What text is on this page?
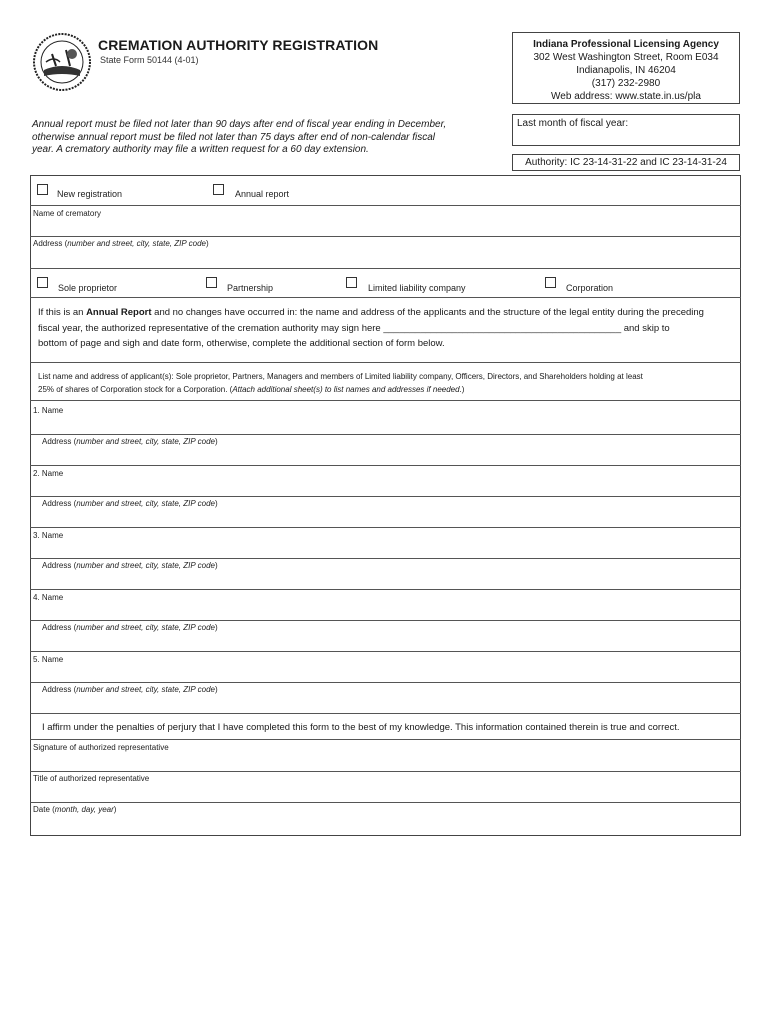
CREMATION AUTHORITY REGISTRATION
State Form 50144 (4-01)
Indiana Professional Licensing Agency
302 West Washington Street, Room E034
Indianapolis, IN 46204
(317) 232-2980
Web address: www.state.in.us/pla
Annual report must be filed not later than 90 days after end of fiscal year ending in December, otherwise annual report must be filed not later than 75 days after end of non-calendar fiscal year. A crematory authority may file a written request for a 60 day extension.
Last month of fiscal year:
Authority: IC 23-14-31-22 and IC 23-14-31-24
New registration	Annual report
Name of crematory
Address (number and street, city, state, ZIP code)
Sole proprietor	Partnership	Limited liability company	Corporation
If this is an Annual Report and no changes have occurred in: the name and address of the applicants and the structure of the legal entity during the preceding
fiscal year, the authorized representative of the cremation authority may sign here _____________________________________________ and skip to
bottom of page and sigh and date form, otherwise, complete the additional section of form below.
List name and address of applicant(s): Sole proprietor, Partners, Managers and members of Limited liability company, Officers, Directors, and Shareholders holding at least
25% of shares of Corporation stock for a Corporation. (Attach additional sheet(s) to list names and addresses if needed.)
1. Name
Address (number and street, city, state, ZIP code)
2. Name
Address (number and street, city, state, ZIP code)
3. Name
Address (number and street, city, state, ZIP code)
4. Name
Address (number and street, city, state, ZIP code)
5. Name
Address (number and street, city, state, ZIP code)
I affirm under the penalties of perjury that I have completed this form to the best of my knowledge. This information contained therein is true and correct.
Signature of authorized representative
Title of authorized representative
Date (month, day, year)
